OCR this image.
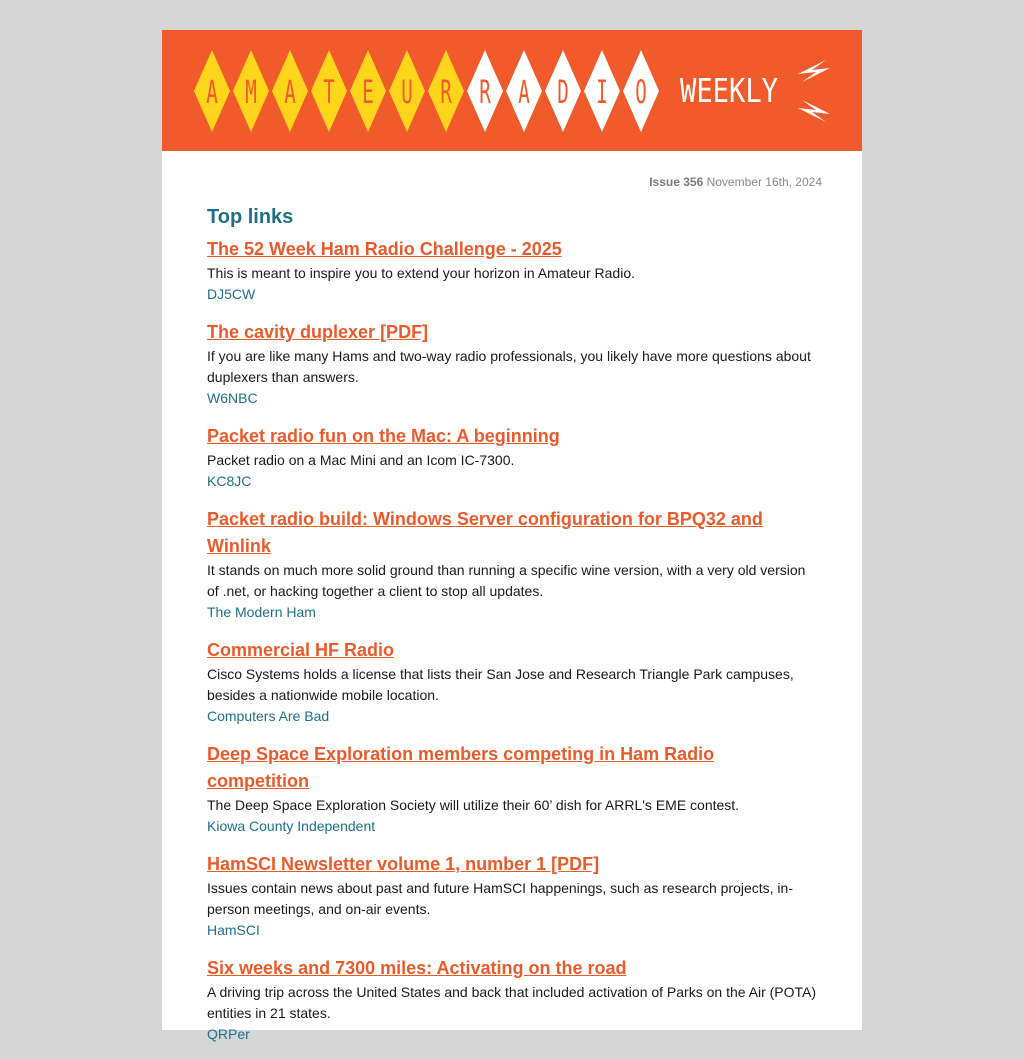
A M A T E U R R A D I O WEEKLY
Issue 356 November 16th, 2024
Top links
The 52 Week Ham Radio Challenge - 2025
This is meant to inspire you to extend your horizon in Amateur Radio.
DJ5CW
The cavity duplexer [PDF]
If you are like many Hams and two-way radio professionals, you likely have more questions about duplexers than answers.
W6NBC
Packet radio fun on the Mac: A beginning
Packet radio on a Mac Mini and an Icom IC-7300.
KC8JC
Packet radio build: Windows Server configuration for BPQ32 and Winlink
It stands on much more solid ground than running a specific wine version, with a very old version of .net, or hacking together a client to stop all updates.
The Modern Ham
Commercial HF Radio
Cisco Systems holds a license that lists their San Jose and Research Triangle Park campuses, besides a nationwide mobile location.
Computers Are Bad
Deep Space Exploration members competing in Ham Radio competition
The Deep Space Exploration Society will utilize their 60’ dish for ARRL's EME contest.
Kiowa County Independent
HamSCI Newsletter volume 1, number 1 [PDF]
Issues contain news about past and future HamSCI happenings, such as research projects, in-person meetings, and on-air events.
HamSCI
Six weeks and 7300 miles: Activating on the road
A driving trip across the United States and back that included activation of Parks on the Air (POTA) entities in 21 states.
QRPer
